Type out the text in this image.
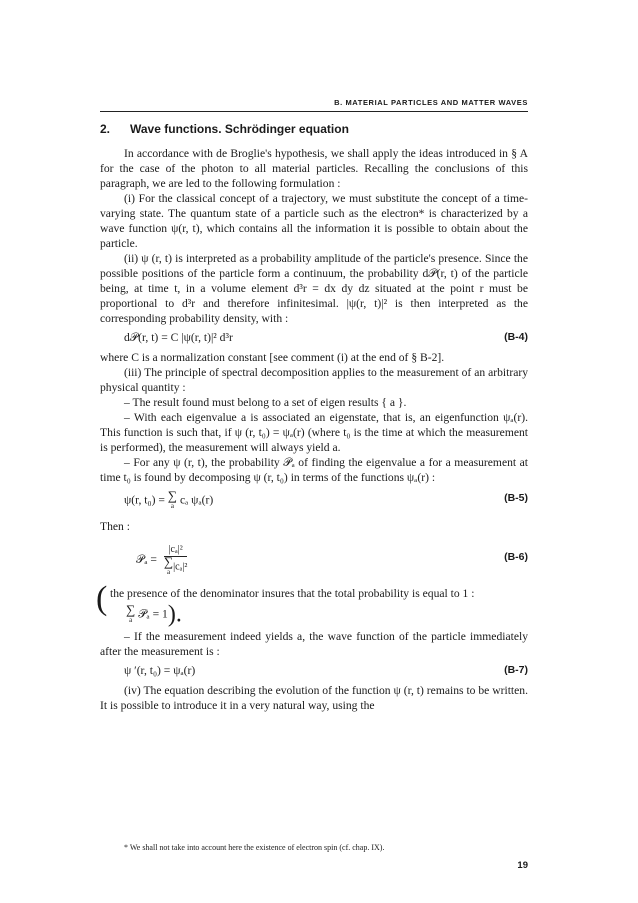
B. MATERIAL PARTICLES AND MATTER WAVES
2. Wave functions. Schrödinger equation

In accordance with de Broglie's hypothesis, we shall apply the ideas introduced in § A for the case of the photon to all material particles. Recalling the conclusions of this paragraph, we are led to the following formulation :

(i) For the classical concept of a trajectory, we must substitute the concept of a time-varying state. The quantum state of a particle such as the electron* is characterized by a wave function ψ(r, t), which contains all the information it is possible to obtain about the particle.

(ii) ψ (r, t) is interpreted as a probability amplitude of the particle's presence. Since the possible positions of the particle form a continuum, the probability d𝒫(r, t) of the particle being, at time t, in a volume element d³r = dx dy dz situated at the point r must be proportional to d³r and therefore infinitesimal. |ψ(r, t)|² is then interpreted as the corresponding probability density, with :

d𝒫(r, t) = C |ψ(r, t)|² d³r	(B-4)

where C is a normalization constant [see comment (i) at the end of § B-2].

(iii) The principle of spectral decomposition applies to the measurement of an arbitrary physical quantity :

– The result found must belong to a set of eigen results { a }.

– With each eigenvalue a is associated an eigenstate, that is, an eigenfunction ψₐ(r). This function is such that, if ψ (r, t₀) = ψₐ(r) (where t₀ is the time at which the measurement is performed), the measurement will always yield a.

– For any ψ (r, t), the probability 𝒫ₐ of finding the eigenvalue a for a measurement at time t₀ is found by decomposing ψ (r, t₀) in terms of the functions ψₐ(r) :

ψ(r, t₀) = ∑
a cₐ ψₐ(r)	(B-5)

Then :

𝒫ₐ = |cₐ|²
∑
a |cₐ|²	(B-6)
( the presence of the denominator insures that the total probability is equal to 1 :

∑
a 𝒫ₐ = 1).

– If the measurement indeed yields a, the wave function of the particle immediately after the measurement is :

ψ ′(r, t₀) = ψₐ(r)	(B-7)

(iv) The equation describing the evolution of the function ψ (r, t) remains to be written. It is possible to introduce it in a very natural way, using the

* We shall not take into account here the existence of electron spin (cf. chap. IX).
19
